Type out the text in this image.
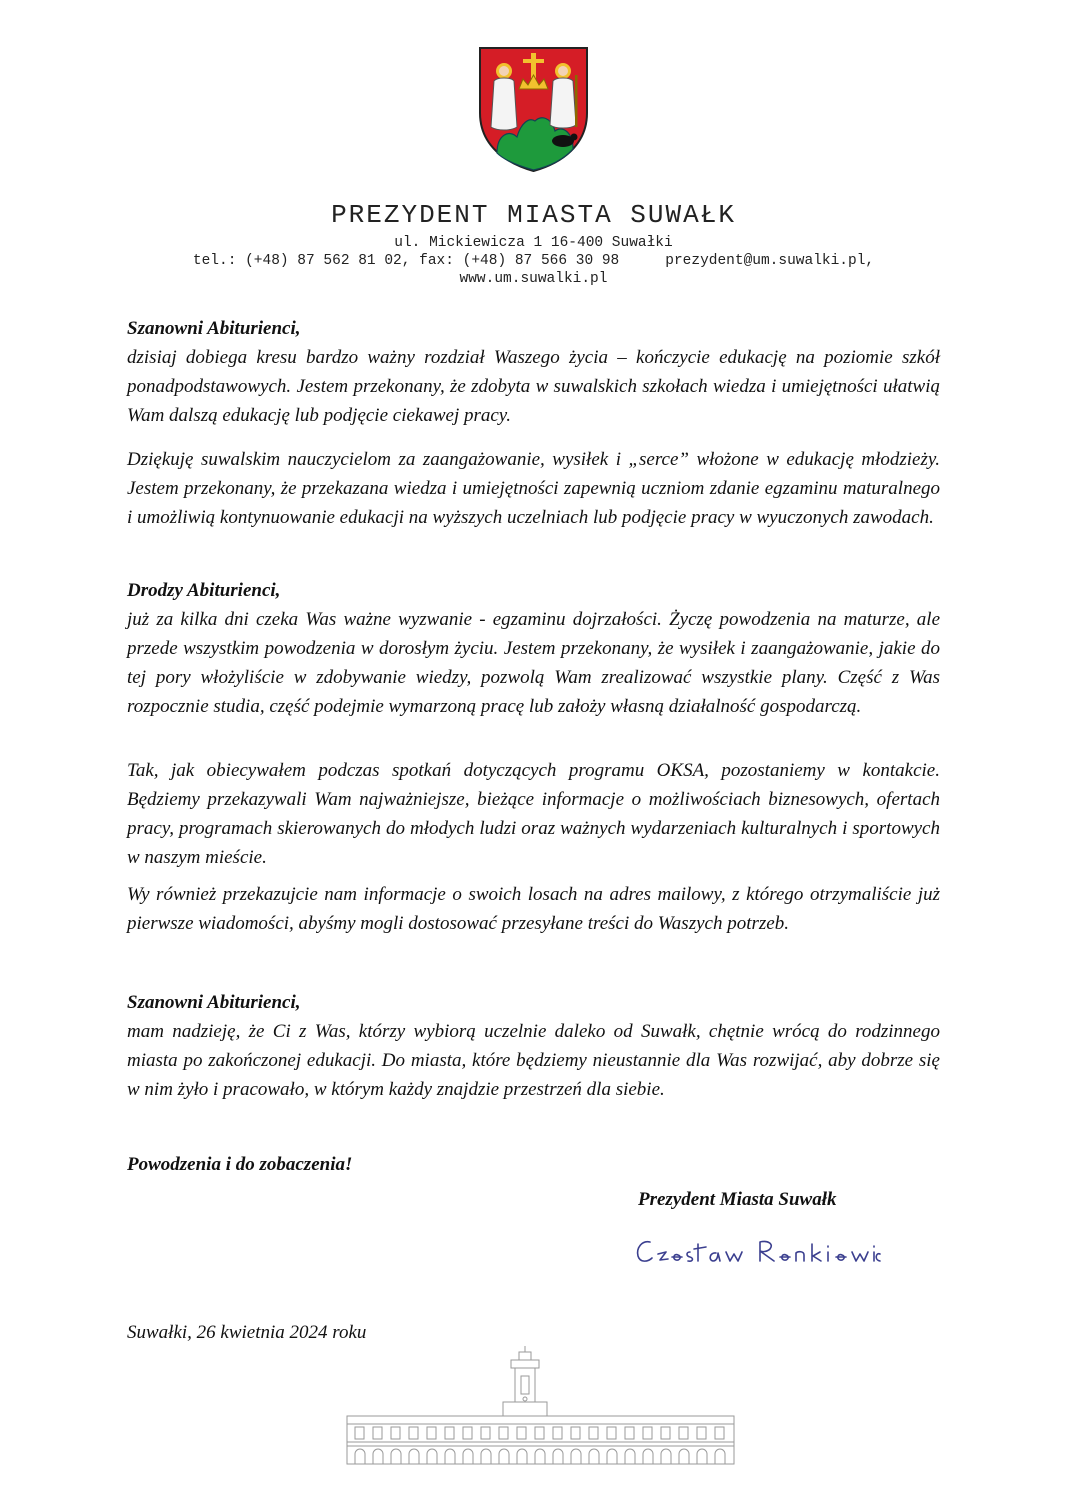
PREZYDENT MIASTA SUWAŁK
ul. Mickiewicza 1 16-400 Suwałki
tel.: (+48) 87 562 81 02, fax: (+48) 87 566 30 98	prezydent@um.suwalki.pl,
www.um.suwalki.pl

Szanowni Abiturienci,

dzisiaj dobiega kresu bardzo ważny rozdział Waszego życia – kończycie edukację na poziomie szkół ponadpodstawowych. Jestem przekonany, że zdobyta w suwalskich szkołach wiedza i umiejętności ułatwią Wam dalszą edukację lub podjęcie ciekawej pracy.

Dziękuję suwalskim nauczycielom za zaangażowanie, wysiłek i „serce” włożone w edukację młodzieży. Jestem przekonany, że przekazana wiedza i umiejętności zapewnią uczniom zdanie egzaminu maturalnego i umożliwią kontynuowanie edukacji na wyższych uczelniach lub podjęcie pracy w wyuczonych zawodach.

Drodzy Abiturienci,

już za kilka dni czeka Was ważne wyzwanie - egzaminu dojrzałości. Życzę powodzenia na maturze, ale przede wszystkim powodzenia w dorosłym życiu. Jestem przekonany, że wysiłek i zaangażowanie, jakie do tej pory włożyliście w zdobywanie wiedzy, pozwolą Wam zrealizować wszystkie plany. Część z Was rozpocznie studia, część podejmie wymarzoną pracę lub założy własną działalność gospodarczą.

Tak, jak obiecywałem podczas spotkań dotyczących programu OKSA, pozostaniemy w kontakcie. Będziemy przekazywali Wam najważniejsze, bieżące informacje o możliwościach biznesowych, ofertach pracy, programach skierowanych do młodych ludzi oraz ważnych wydarzeniach kulturalnych i sportowych w naszym mieście.

Wy również przekazujcie nam informacje o swoich losach na adres mailowy, z którego otrzymaliście już pierwsze wiadomości, abyśmy mogli dostosować przesyłane treści do Waszych potrzeb.

Szanowni Abiturienci,

mam nadzieję, że Ci z Was, którzy wybiorą uczelnie daleko od Suwałk, chętnie wrócą do rodzinnego miasta po zakończonej edukacji. Do miasta, które będziemy nieustannie dla Was rozwijać, aby dobrze się w nim żyło i pracowało, w którym każdy znajdzie przestrzeń dla siebie.

Powodzenia i do zobaczenia!
Prezydent Miasta Suwałk
Suwałki, 26 kwietnia 2024 roku
